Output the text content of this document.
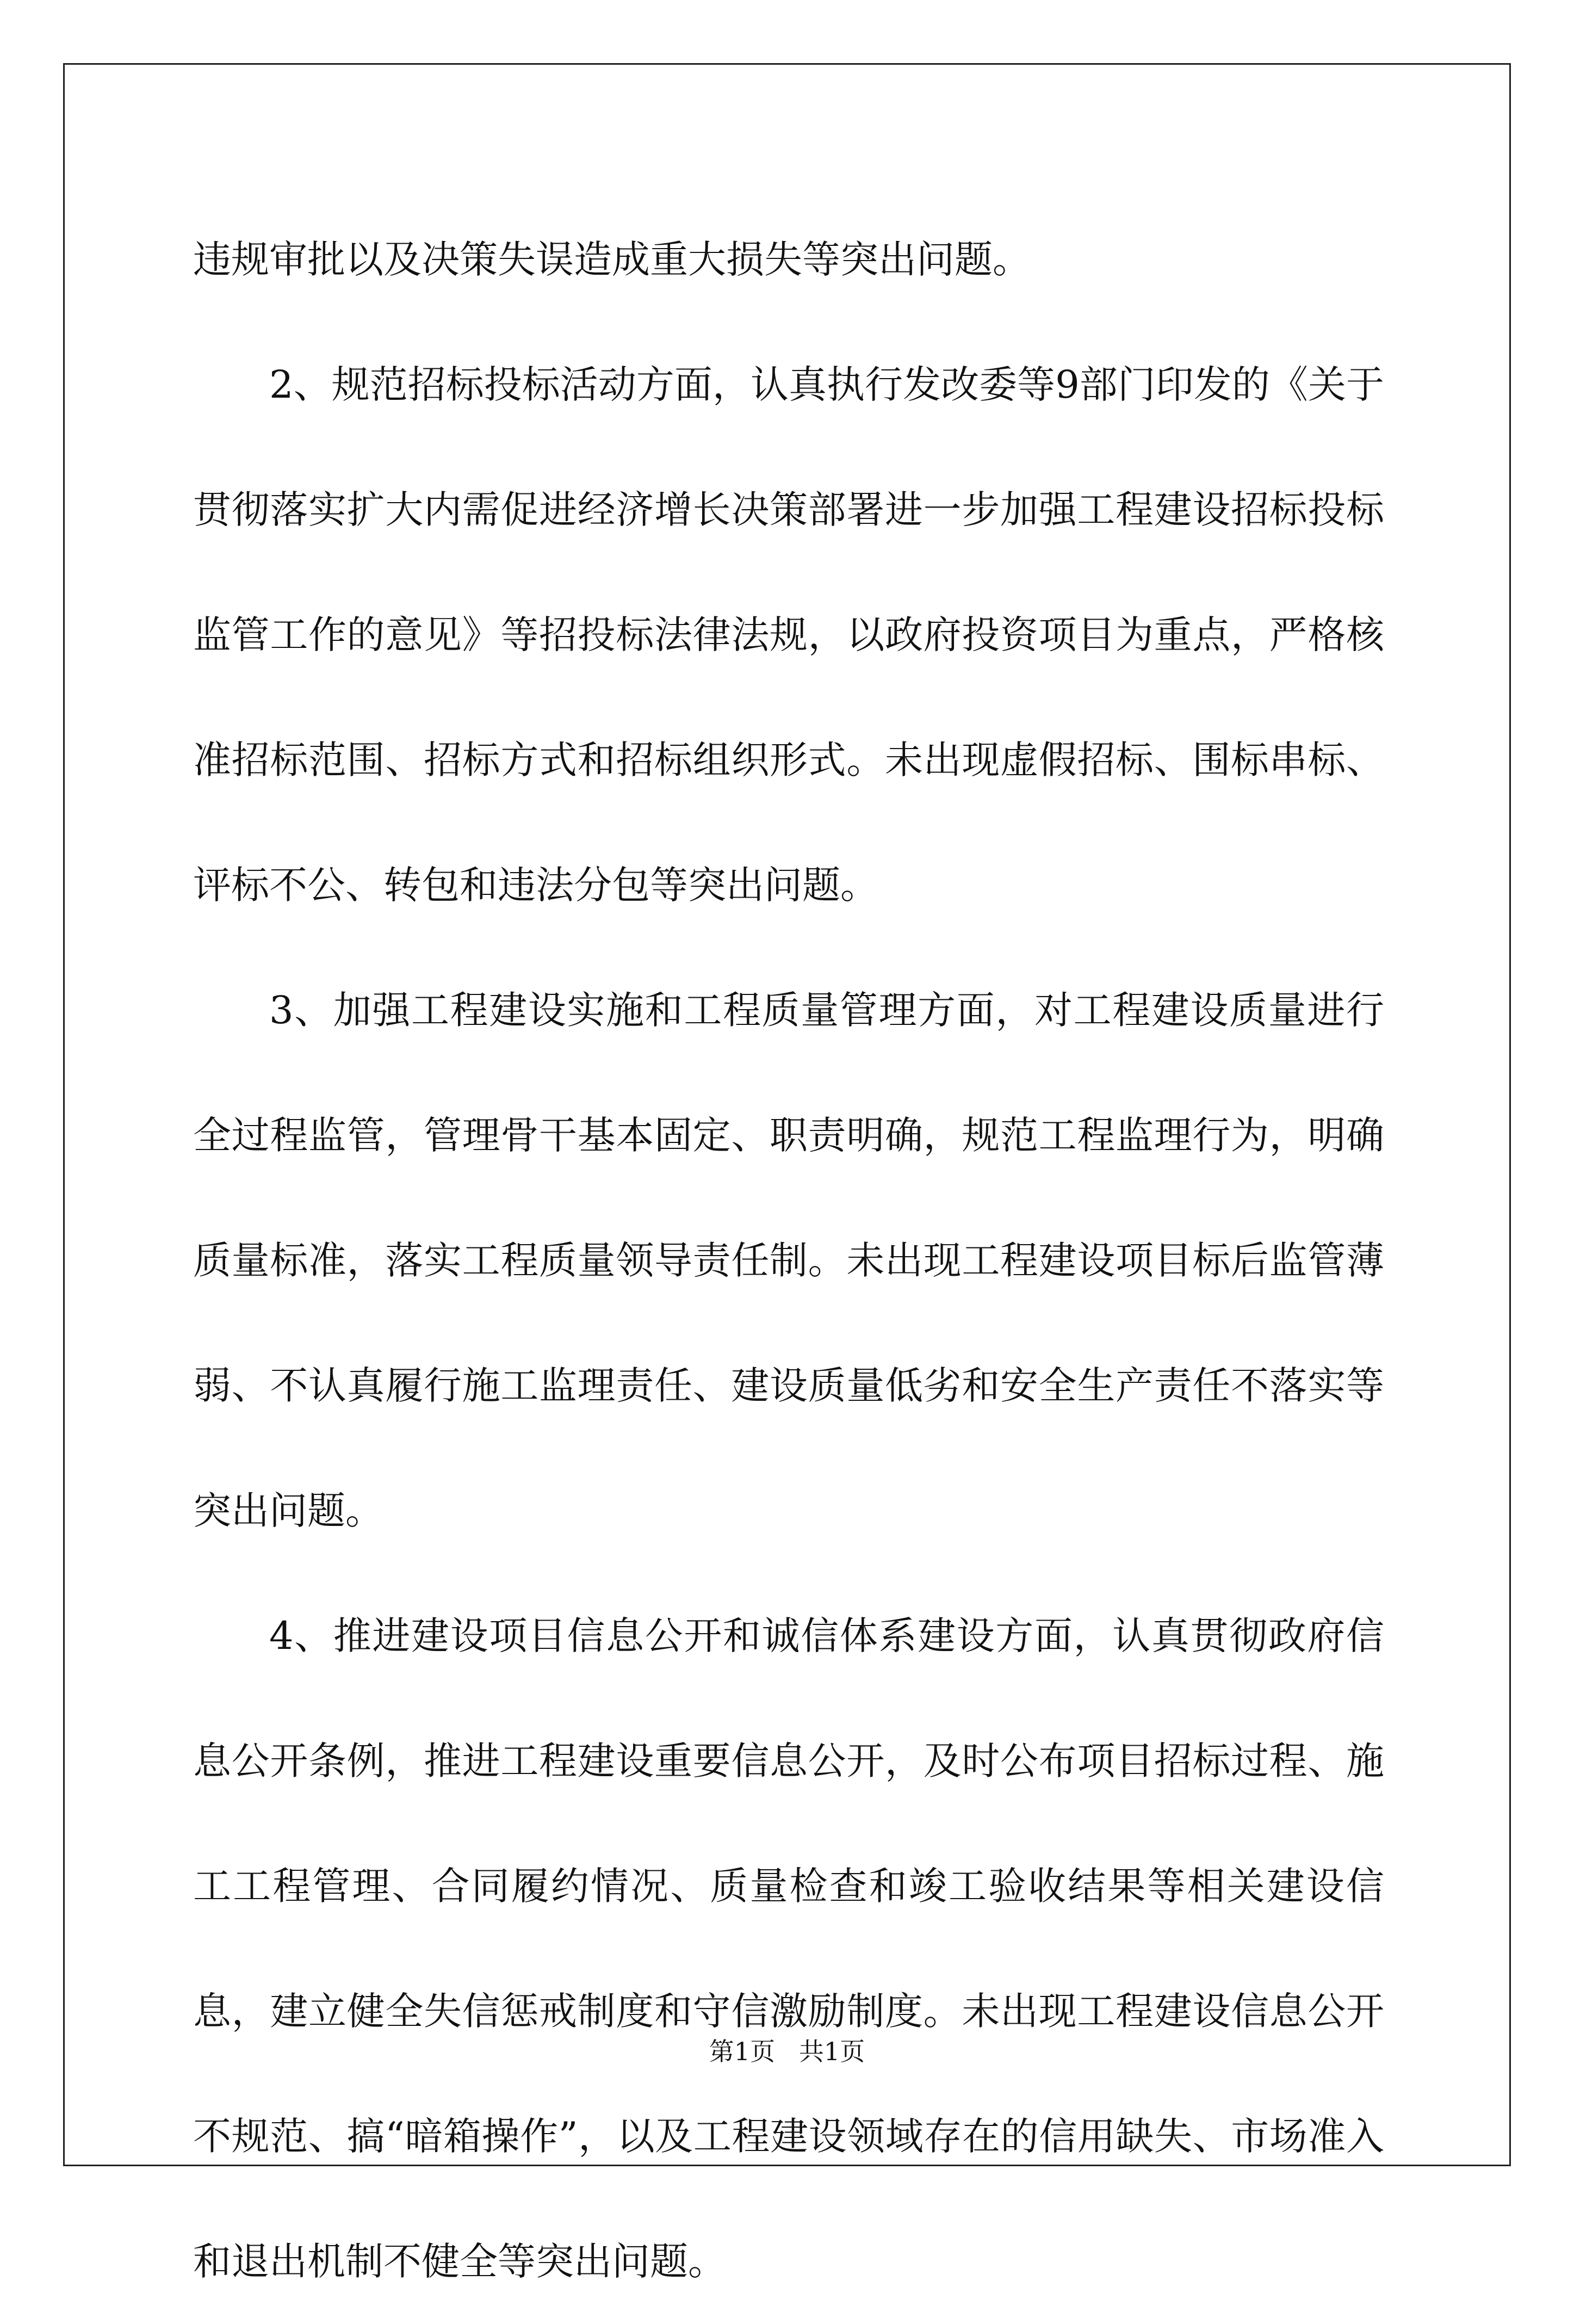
违规审批以及决策失误造成重大损失等突出问题。

2、规范招标投标活动方面，认真执行发改委等9部门印发的《关于贯彻落实扩大内需促进经济增长决策部署进一步加强工程建设招标投标监管工作的意见》等招投标法律法规，以政府投资项目为重点，严格核准招标范围、招标方式和招标组织形式。未出现虚假招标、围标串标、评标不公、转包和违法分包等突出问题。

3、加强工程建设实施和工程质量管理方面，对工程建设质量进行全过程监管，管理骨干基本固定、职责明确，规范工程监理行为，明确质量标准，落实工程质量领导责任制。未出现工程建设项目标后监管薄弱、不认真履行施工监理责任、建设质量低劣和安全生产责任不落实等突出问题。

4、推进建设项目信息公开和诚信体系建设方面，认真贯彻政府信息公开条例，推进工程建设重要信息公开，及时公布项目招标过程、施工工程管理、合同履约情况、质量检查和竣工验收结果等相关建设信息，建立健全失信惩戒制度和守信激励制度。未出现工程建设信息公开不规范、搞“暗箱操作”，以及工程建设领域存在的信用缺失、市场准入和退出机制不健全等突出问题。

第1页   共1页
